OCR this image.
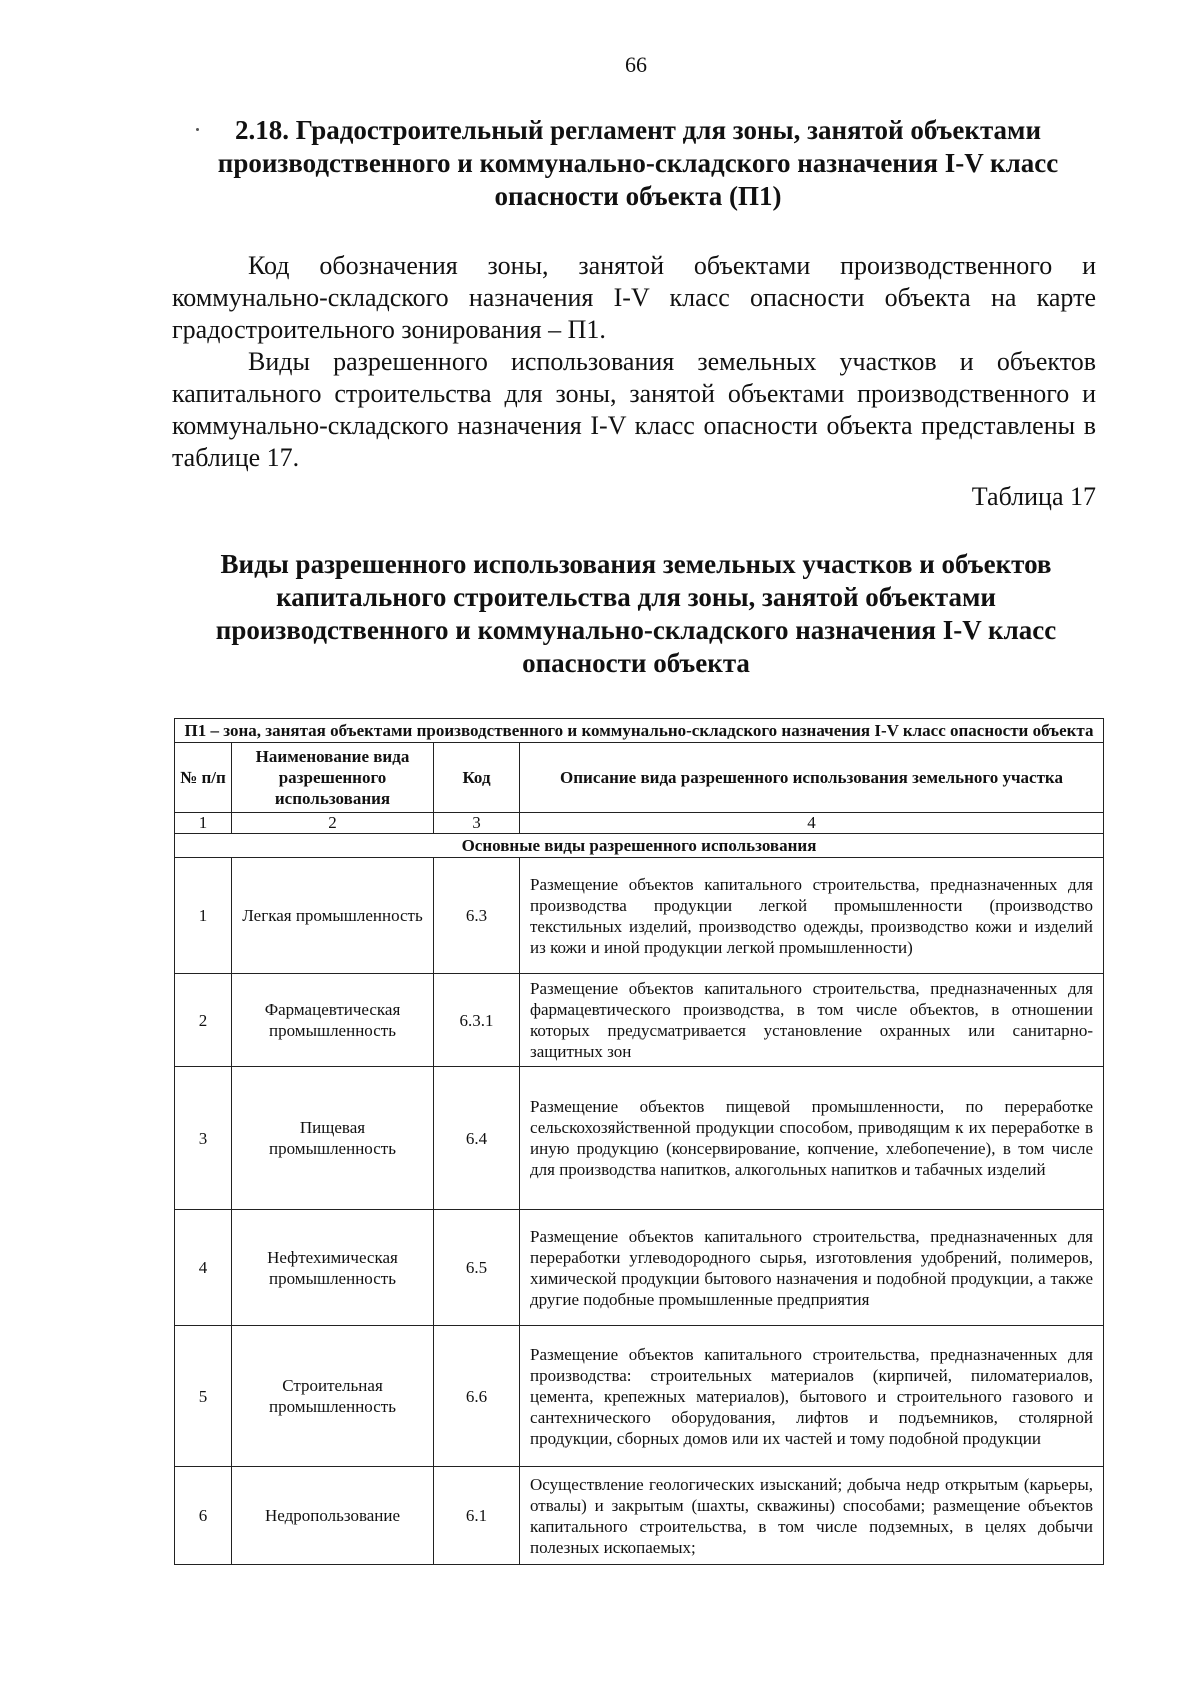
66
2.18. Градостроительный регламент для зоны, занятой объектами производственного и коммунально-складского назначения I-V класс опасности объекта (П1)

Код обозначения зоны, занятой объектами производственного и коммунально-складского назначения I-V класс опасности объекта на карте градостроительного зонирования – П1.

Виды разрешенного использования земельных участков и объектов капитального строительства для зоны, занятой объектами производственного и коммунально-складского назначения I-V класс опасности объекта представлены в таблице 17.

Таблица 17
Виды разрешенного использования земельных участков и объектов капитального строительства для зоны, занятой объектами производственного и коммунально-складского назначения I-V класс опасности объекта
П1 – зона, занятая объектами производственного и коммунально-складского назначения I-V класс опасности объекта			
№ п/п	Наименование вида разрешенного использования	Код	Описание вида разрешенного использования земельного участка
1	2	3	4
Основные виды разрешенного использования			
1	Легкая промышленность	6.3	Размещение объектов капитального строительства, предназначенных для производства продукции легкой промышленности (производство текстильных изделий, производство одежды, производство кожи и изделий из кожи и иной продукции легкой промышленности)
2	Фармацевтическая промышленность	6.3.1	Размещение объектов капитального строительства, предназначенных для фармацевтического производства, в том числе объектов, в отношении которых предусматривается установление охранных или санитарно-защитных зон
3	Пищевая промышленность	6.4	Размещение объектов пищевой промышленности, по переработке сельскохозяйственной продукции способом, приводящим к их переработке в иную продукцию (консервирование, копчение, хлебопечение), в том числе для производства напитков, алкогольных напитков и табачных изделий
4	Нефтехимическая промышленность	6.5	Размещение объектов капитального строительства, предназначенных для переработки углеводородного сырья, изготовления удобрений, полимеров, химической продукции бытового назначения и подобной продукции, а также другие подобные промышленные предприятия
5	Строительная промышленность	6.6	Размещение объектов капитального строительства, предназначенных для производства: строительных материалов (кирпичей, пиломатериалов, цемента, крепежных материалов), бытового и строительного газового и сантехнического оборудования, лифтов и подъемников, столярной продукции, сборных домов или их частей и тому подобной продукции
6	Недропользование	6.1	Осуществление геологических изысканий; добыча недр открытым (карьеры, отвалы) и закрытым (шахты, скважины) способами; размещение объектов капитального строительства, в том числе подземных, в целях добычи полезных ископаемых;
